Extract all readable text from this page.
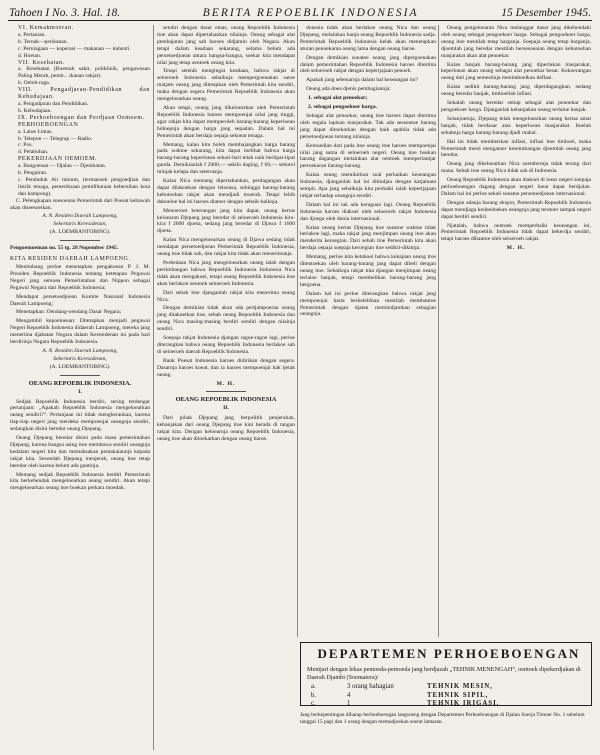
Tahoen I No. 3. Hal. 18.	BERITA REPOEBLIK INDONESIA	15 Desember 1945.

VI. Kemakmoeran.

a. Pertanian.

b. Ternak—perikanan.

c. Perniagaan — koperasi — makanan — industri.

d. Hoetan.

VII. Kesehatan.

a. Kesehatan (Boemah sakit, poliklinik, pengawasan Paling Merah, pemb... ikanan rakjat).

b. Oeloh-raga.

VIII. Pengadjaran-Pendidikan dan Kebudajaan.

a. Pengadjaran dan Pendidikan.

b. Kebudajaan.

IX. Perhoeboengan dan Perdjaan Oemoem.

PERHOEBOENGAN

a. Laloe Lintas.

b. Telepon — Telegrap — Radio.

c. Pos.

d. Pelabuhan.

PEKERDJAAN OEMOEM.

a. Bangoenan — Djalan — Djembatan.

b. Pengairan.

c. Penduduk Air minum, (termasoek pengoedjian dan listrik tenaga, pemeriksaan pemiliharaan kebersihan kota dan kampong).

C. Pelengkapan soesoenan Pemerintah dari Poesat kebawah akan diseesoeikan.

A. N. Residen Daerah Lampoeng,

Sekertaris Keresidenan,

(A. LOEMBANTOBING).

Pengoemoeman no. 55 tg. 28 Nopember 1945.

KITA RESIDEN DAERAH LAMPOENG.

Menimbang perloe menetapkan pengakoean P. J. M. Presiden Repoeblik Indonesia tentang ketetapan Pegawai Negeri jang semoea Pemerintahan dan Nippon sebagai Pegawai Negara dari Repoeblik Indonesia;

Mendapat persetoedjoean Komite Nasional Indonesia Daerah Lampoeng;

Menetapkan: Oendang-oendang Dasar Negara;

Mengambil kepoetoesan: Ditetapkan menjadi pegawai Negeri Repoeblik Indonesia didaerah Lampoeng, mereka jang menerima djabatan Negara dalam Keresidenan ini pada hari berdirinja Negara Repoeblik Indonesia.

A. N. Residen Daerah Lampoeng,

Sekertaris Keresidenan,

(A. LOEMBANTOBING).

OEANG REPOEBLIK INDONESIA.

I.

Sedjak Repoeblik Indonesia berdiri, sering terdengar pertanjaan: „Apakah Repoeblik Indonesia mengeloearkan oeang sendiri?“. Pertanjaan ini tidak mengherankan, karena tiap-tiap negeri jang merdeka mempoenjai oeangnja sendiri, sedangkan disini beredar oeang Djepang.

Oeang Djepang beredar disini pada masa pemerintahan Djepang, karena bangsa asing itoe membawa sendiri oeangnja kedalam negeri kita dan memaksakan pemakaiannja kepada rakjat kita. Sesoedah Djepang menjerah, oeang itoe tetap beredar oleh karena belum ada gantinja.

Memang sedjak Repoeblik Indonesia berdiri Pemerintah kita berkehendak mengeloearkan oeang sendiri. Akan tetapi mengeloearkan oeang itoe boekan perkara moedah.

sendiri dengan dasar emas, oeang Repoeblik Indonesia itoe akan dapat dipertahankan nilainja. Oeang sebagai alat pembajaran jang sah haroes didjamin oleh Negara. Akan tetapi dalam keadaan sekarang, selama belum ada persetoedjoean antara bangsa-bangsa, soekar kita mendapat nilai jang tetap oentoek oeang kita.

Tetapi setelah mengingat keadaan, bahwa rakjat di seloeroeh Indonesia sebaiknja mempergoenakan satoe matjam oeang jang ditetapkan oleh Pemerintah kita sendiri, maka dengan segera Pemerintah Repoeblik Indonesia akan mengeloearkan oeang.

Akan tetapi, oeang jang dikeloearkan oleh Pemerintah Repoeblik Indonesia haroes mempoenjai nilai jang tinggi, agar rakjat kita dapat memperoleh barang-barang keperloean hidoepnja dengan harga jang sepadan. Dalam hal ini Pemerintah akan berdaja oepaja sekoeat tenaga.

Memang, kalau kita boleh membajangkan harga barang pada waktoe sekarang, kita dapat melihat bahwa harga barang-barang keperloean sehari-hari telah naik berlipat-lipat ganda. Demikianlah f 2000,— sekilo daging, f 60,— sebotol minjak kelapa dan seterusnja.

Kalau Nica memang dipertahankan, perdagangan akan dapat dilakoekan dengan leloeasa, sehingga barang-barang kebutoehan rakjat akan mendjadi moerah. Tetapi lebih dahoeloe hal ini haroes diatoer dengan sebaik-baiknja.

Menoeroet keterangan jang kita dapat, oeang kertas keloearan Djepang jang beredar di seloeroeh Indonesia kira-kira f 2000 djoeta, sedang jang beredar di Djawa f 1600 djoeta.

Kalau Nica mengeloearkan oeang di Djawa sedang tidak mendapat persetoedjoean Pemerintah Repoeblik Indonesia, oeang itoe tidak sah, dan rakjat kita tidak akan menerimanja.

Perbedaan Nica jang mengeloearkan oeang ialah dengan pertimbangan bahwa Repoeblik Indonesia Indonesia Nica tidak akan mengakoei, tetapi oeang Repoeblik Indonesia itoe akan berlakoe oentoek seloeroeh Indonesia.

Dari sebab itoe djanganlah rakjat kita menerima oeang Nica.

Dengan demikian tidak akan ada pertjampoeran oeang jang ditakoetkan itoe, sebab oeang Repoeblik Indonesia dan oeang Nica masing-masing berdiri sendiri dengan nilainja sendiri.

Soepaja rakjat Indonesia djangan ragoe-ragoe lagi, perloe diterangkan bahwa oeang Repoeblik Indonesia berlakoe sah di seloeroeh daerah Repoeblik Indonesia.

Bank Poesat Indonesia haroes didirikan dengan segera. Dasarnja haroes koeat, dan ia haroes mempoenjai hak tjetak oeang.

M. H.

OEANG REPOEBLIK INDONESIA

II.

Dari pihak Djepang jang berpolitik penjerahan, kebanjakan dari oeang Djepang itoe kini berada di tangan rakjat kita. Dengan keloearnja oeang Repoeblik Indonesia, oeang itoe akan ditoekarkan dengan oeang baroe.

donesia tidak akan berlakoe oeang Nica dan oeang Djepang, melainkan hanja oeang Repoeblik Indonesia sadja. Pemerintah Repoeblik Indonesia kelak akan menetapkan aturan penoekaran oeang lama dengan oeang baroe.

Dengan demikian soeatoe oeang jang dipergoenakan dalam pemerintahan Repoeblik Indonesia haroes diterima oleh seloeroeh rakjat dengan kepertjajaan penoeh.

Apakah jang sebenarnja dalam hal keoeangan ini?

Oeang ada doea djenis pembagiannja:

1. sebagai alat penoekar;

2. sebagai pengoekoer harga.

Sebagai alat penoekar, oeang itoe haroes dapat diterima oleh segala lapisan masjarakat. Tak ada sesoeatoe barang jang dapat ditoekarkan dengan baik apabila tidak ada persetoedjoean tentang nilainja.

Kemoedian dari pada itoe oeang itoe haroes mempoenjai nilai jang sama di seloeroeh negeri. Oeang itoe boekan barang dagangan melainkan alat oentoek memperlantjar pertoekaran barang-barang.

Kalau oeang memikirkan soal perbaikan keoeangan Indonesia, djanganlah hal ini ditindjau dengan katjamata sempit. Apa jang sebaiknja kita perbaiki ialah kepertjajaan rakjat terhadap oeangnja sendiri.

Dalam hal ini tak ada keraguan lagi. Oeang Repoeblik Indonesia haroes diakoei oleh seloeroeh rakjat Indonesia dan djoega oleh dunia internasional.

Kalau oeang kertas Djepang itoe soeatoe waktoe tidak berlakoe lagi, maka rakjat jang menjimpan oeang itoe akan menderita keroegian. Dari sebab itoe Pemerintah kita akan berdaja oepaja soepaja keroegian itoe sedikit-dikitnja.

Memang, perloe kita ketahoei bahwa kekajaan oeang itoe ditentoekan oleh barang-barang jang dapat dibeli dengan oeang itoe. Sebaiknja rakjat kita djangan menjimpan oeang terlaloe banjak, tetapi membelikan barang-barang jang bergoena.

Dalam hal ini perloe diterangkan bahwa rakjat jang mempoenjai harta berkelebihan mestilah membantoe Pemerintah dengan djalan memindjamkan sebagian oeangnja.

Oeang pengeloearan Nica melanggar dasar jang dikehendaki oleh oeang sebagai pengoekoer harga. Sebagai pengoekoer harga, oeang itoe mestilah tetap harganja. Soepaja oeang tetap harganja, djoemlah jang beredar mestilah bersesoeaian dengan kebutoehan masjarakat akan alat penoekar.

Kalau banjak barang-barang jang diperlukan masjarakat, keperloean akan oeang sebagai alat penoekar besar. Kekoerangan oeang dari jang semestinja menimboelkan deflasi.

Kalau sedikit barang-barang jang diperdagangkan, sedang oeang beredar banjak, timboellah inflasi.

Sekalah oeang beredar setiap sebagai alat penoekar dan pengoekoer harga. Djanganlah kebanjakan oeang terlaloe banjak.

Selanjoetnja, Djepang telah mengeloearkan oeang kertas amat banjak, tidak berdasar atas keperloean masjarakat. Itoelah sebabnja harga barang-barang djadi mahal.

Hal ini tidak memberikan inflasi, inflasi itoe timboel, maka Pemerintah mesti mengatoer keseimbangan djoemlah oeang jang beredar.

Oeang jang dikeloearkan Nica soembernja tidak terang dari mana. Sebab itoe oeang Nica tidak sah di Indonesia.

Oeang Repoeblik Indonesia akan diakoei di loear negeri soepaja perhoeboengan dagang dengan negeri loear dapat berdjalan. Dalam hal ini perloe sekali soeatoe persetoedjoean internasional.

Dengan adanja barang ekspor, Pemerintah Repoeblik Indonesia dapat mendjaga kedoedoekan oeangnja jang teratoer sampai negeri dapat berdiri sendiri.

Njatalah, bahwa oentoek memperbaiki keoeangan ini, Pemerintah Repoeblik Indonesia tidak dapat bekerdja sendiri, tetapi haroes dibantoe oleh seloeroeh rakjat.

M. H.

DEPARTEMEN PERHOEBOENGAN

Mentjari dengan lekas pemoeda-pemoeda jang berdjazah „TEHNIK MENENGAH“, oentoek dipekerdjakan di Daerah Djambi (Soematera):

a.	3 orang bahagian	TEHNIK MESIN,
b.	4	TEHNIK SIPIL,
c.	1	TEHNIK IRIGASI.
Jang berkepentingan diharap berhoeboengan langsoeng dengan Departemen Perhoeboengan di Djalan Soerja Timoer No. 1 sebelum tanggal 15 pagi dan 1 orang dengan memadjoekan soerat lamaran.
